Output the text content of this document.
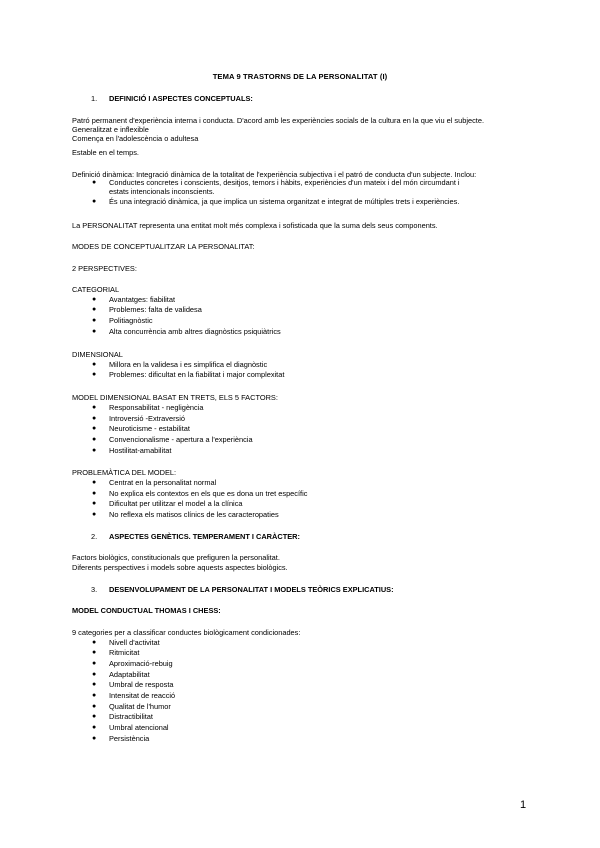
TEMA 9 TRASTORNS DE LA PERSONALITAT (I)
1. DEFINICIÓ I ASPECTES CONCEPTUALS:
Patró permanent d'experiència interna i conducta. D'acord amb les experiències socials de la cultura en la que viu el subjecte.
Generalitzat e inflexible
Comença en l'adolescència o adultesa
Estable en el temps.
Definició dinàmica: Integració dinàmica de la totalitat de l'experiència subjectiva i el patró de conducta d'un subjecte. Inclou:
● Conductes concretes i conscients, desitjos, temors i hàbits, experiències d'un mateix i del món circumdant i
estats intencionals inconscients.
● És una integració dinàmica, ja que implica un sistema organitzat e integrat de múltiples trets i experiències.
La PERSONALITAT representa una entitat molt més complexa i sofisticada que la suma dels seus components.
MODES DE CONCEPTUALITZAR LA PERSONALITAT:
2 PERSPECTIVES:
CATEGORIAL
● Avantatges: fiabilitat
● Problemes: falta de validesa
● Politiagnòstic
● Alta concurrència amb altres diagnòstics psiquiàtrics
DIMENSIONAL
● Millora en la validesa i es simplifica el diagnòstic
● Problemes: dificultat en la fiabilitat i major complexitat
MODEL DIMENSIONAL BASAT EN TRETS, ELS 5 FACTORS:
● Responsabilitat - negligència
● Introversió -Extraversió
● Neuroticisme - estabilitat
● Convencionalisme - apertura a l'experiència
● Hostilitat-amabilitat
PROBLEMÀTICA DEL MODEL:
● Centrat en la personalitat normal
● No explica els contextos en els que es dona un tret específic
● Dificultat per utilitzar el model a la clínica
● No reflexa els matisos clínics de les caracteropaties
2. ASPECTES GENÈTICS. TEMPERAMENT I CARÀCTER:
Factors biològics, constitucionals que prefiguren la personalitat.
Diferents perspectives i models sobre aquests aspectes biològics.
3. DESENVOLUPAMENT DE LA PERSONALITAT I MODELS TEÒRICS EXPLICATIUS:
MODEL CONDUCTUAL THOMAS I CHESS:
9 categories per a classificar conductes biològicament condicionades:
● Nivell d'activitat
● Ritmicitat
● Aproximació-rebuig
● Adaptabilitat
● Umbral de resposta
● Intensitat de reacció
● Qualitat de l'humor
● Distractibilitat
● Umbral atencional
● Persistència
1
